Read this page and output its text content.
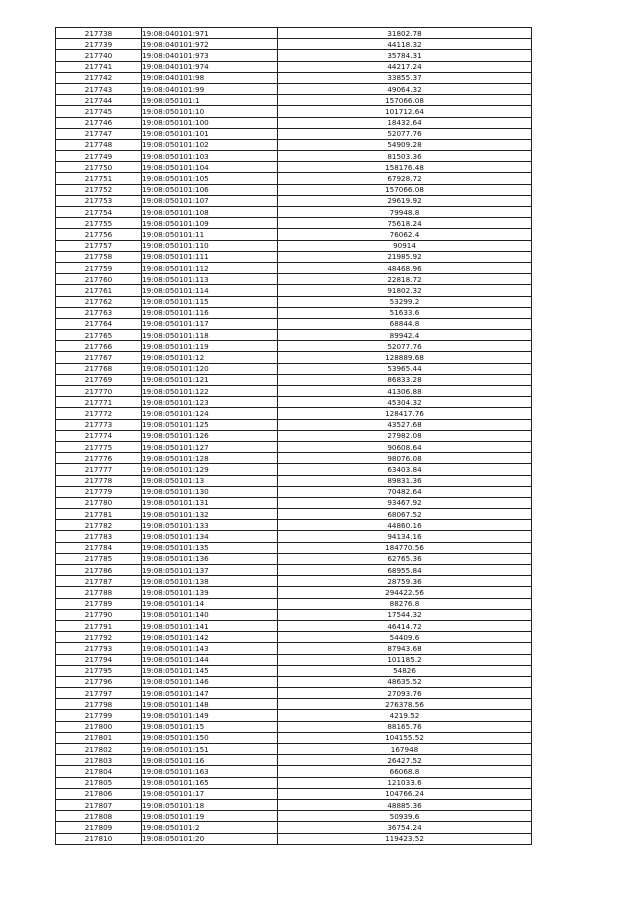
217738	19:08:040101:971	31802.78
217739	19:08:040101:972	44118.32
217740	19:08:040101:973	35784.31
217741	19:08:040101:974	44217.24
217742	19:08:040101:98	33855.37
217743	19:08:040101:99	49064.32
217744	19:08:050101:1	157066.08
217745	19:08:050101:10	101712.64
217746	19:08:050101:100	18432.64
217747	19:08:050101:101	52077.76
217748	19:08:050101:102	54909.28
217749	19:08:050101:103	81503.36
217750	19:08:050101:104	158176.48
217751	19:08:050101:105	67928.72
217752	19:08:050101:106	157066.08
217753	19:08:050101:107	29619.92
217754	19:08:050101:108	79948.8
217755	19:08:050101:109	75618.24
217756	19:08:050101:11	76062.4
217757	19:08:050101:110	90914
217758	19:08:050101:111	21985.92
217759	19:08:050101:112	48468.96
217760	19:08:050101:113	22818.72
217761	19:08:050101:114	91802.32
217762	19:08:050101:115	53299.2
217763	19:08:050101:116	51633.6
217764	19:08:050101:117	68844.8
217765	19:08:050101:118	89942.4
217766	19:08:050101:119	52077.76
217767	19:08:050101:12	128889.68
217768	19:08:050101:120	53965.44
217769	19:08:050101:121	86833.28
217770	19:08:050101:122	41306.88
217771	19:08:050101:123	45304.32
217772	19:08:050101:124	128417.76
217773	19:08:050101:125	43527.68
217774	19:08:050101:126	27982.08
217775	19:08:050101:127	90608.64
217776	19:08:050101:128	98076.08
217777	19:08:050101:129	63403.84
217778	19:08:050101:13	89831.36
217779	19:08:050101:130	70482.64
217780	19:08:050101:131	93467.92
217781	19:08:050101:132	68067.52
217782	19:08:050101:133	44860.16
217783	19:08:050101:134	94134.16
217784	19:08:050101:135	184770.56
217785	19:08:050101:136	62765.36
217786	19:08:050101:137	68955.84
217787	19:08:050101:138	28759.36
217788	19:08:050101:139	294422.56
217789	19:08:050101:14	88276.8
217790	19:08:050101:140	17544.32
217791	19:08:050101:141	46414.72
217792	19:08:050101:142	54409.6
217793	19:08:050101:143	87943.68
217794	19:08:050101:144	101185.2
217795	19:08:050101:145	54826
217796	19:08:050101:146	48635.52
217797	19:08:050101:147	27093.76
217798	19:08:050101:148	276378.56
217799	19:08:050101:149	4219.52
217800	19:08:050101:15	88165.76
217801	19:08:050101:150	104155.52
217802	19:08:050101:151	167948
217803	19:08:050101:16	26427.52
217804	19:08:050101:163	66068.8
217805	19:08:050101:165	121033.6
217806	19:08:050101:17	104766.24
217807	19:08:050101:18	48885.36
217808	19:08:050101:19	50939.6
217809	19:08:050101:2	36754.24
217810	19:08:050101:20	119423.52
